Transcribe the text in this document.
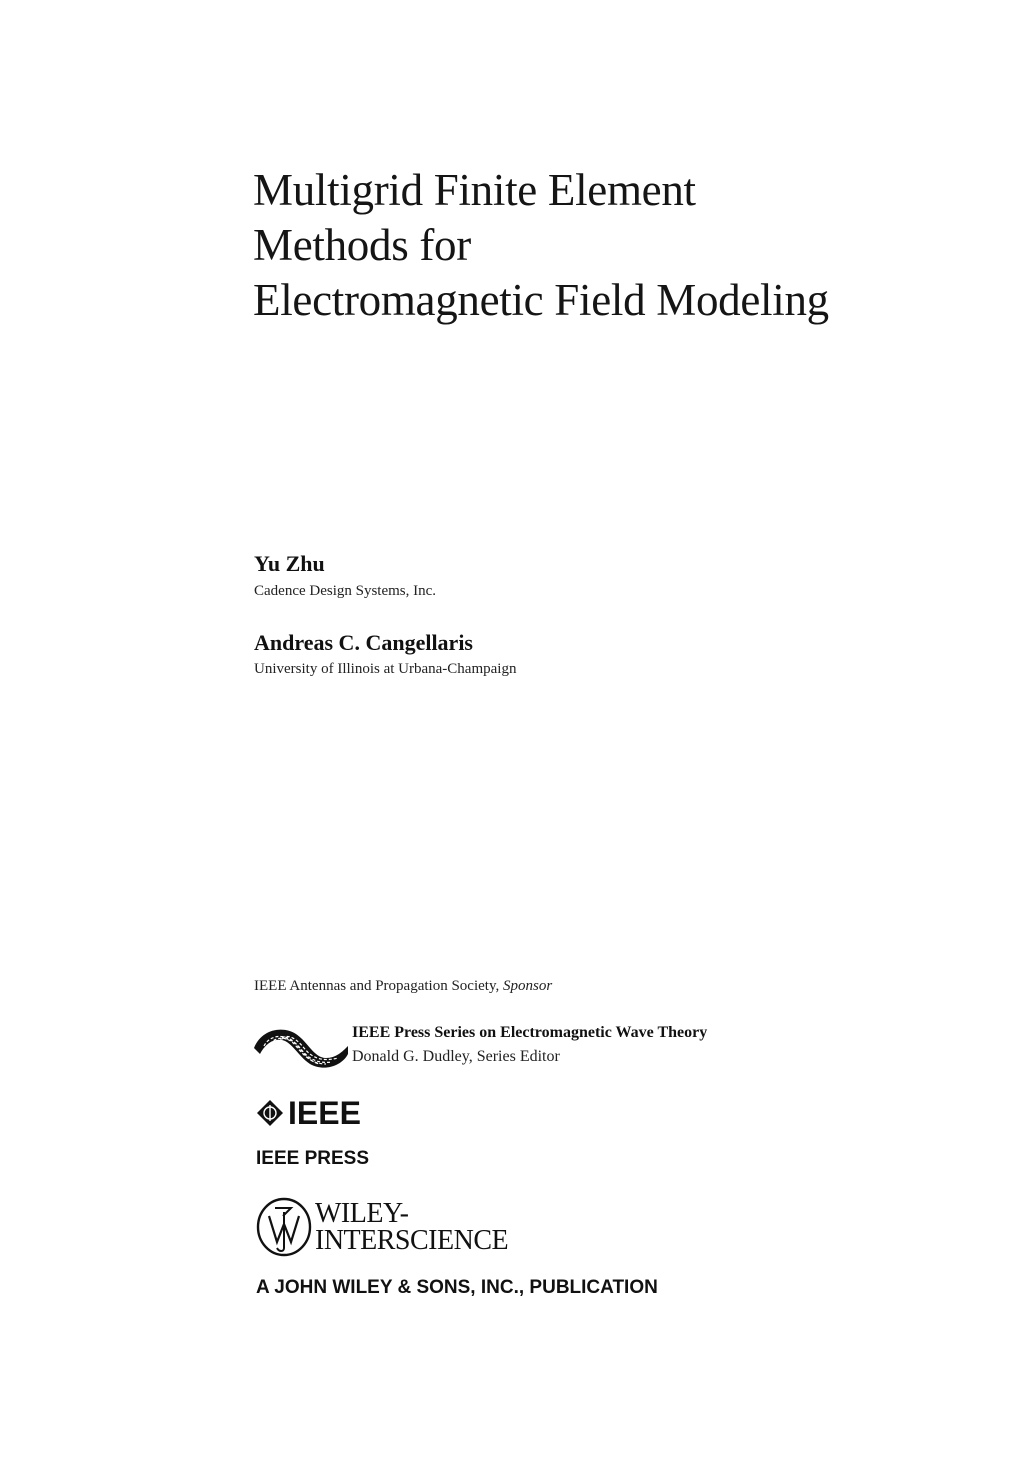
Multigrid Finite Element
Methods for
Electromagnetic Field Modeling
Yu Zhu
Cadence Design Systems, Inc.
Andreas C. Cangellaris
University of Illinois at Urbana-Champaign
IEEE Antennas and Propagation Society, Sponsor
IEEE Press Series on Electromagnetic Wave Theory
Donald G. Dudley, Series Editor
IEEE
IEEE PRESS
WILEY-
INTERSCIENCE
A JOHN WILEY & SONS, INC., PUBLICATION
